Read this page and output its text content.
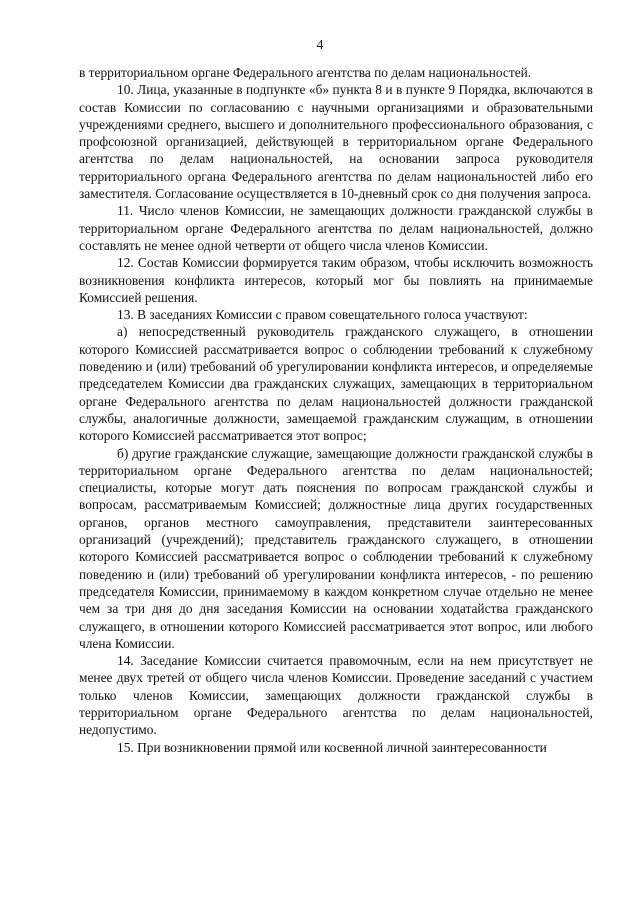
4

в территориальном органе Федерального агентства по делам национальностей.

10. Лица, указанные в подпункте «б» пункта 8 и в пункте 9 Порядка, включаются в состав Комиссии по согласованию с научными организациями и образовательными учреждениями среднего, высшего и дополнительного профессионального образования, с профсоюзной организацией, действующей в территориальном органе Федерального агентства по делам национальностей, на основании запроса руководителя территориального органа Федерального агентства по делам национальностей либо его заместителя. Согласование осуществляется в 10-дневный срок со дня получения запроса.

11. Число членов Комиссии, не замещающих должности гражданской службы в территориальном органе Федерального агентства по делам национальностей, должно составлять не менее одной четверти от общего числа членов Комиссии.

12. Состав Комиссии формируется таким образом, чтобы исключить возможность возникновения конфликта интересов, который мог бы повлиять на принимаемые Комиссией решения.

13. В заседаниях Комиссии с правом совещательного голоса участвуют:

а) непосредственный руководитель гражданского служащего, в отношении которого Комиссией рассматривается вопрос о соблюдении требований к служебному поведению и (или) требований об урегулировании конфликта интересов, и определяемые председателем Комиссии два гражданских служащих, замещающих в территориальном органе Федерального агентства по делам национальностей должности гражданской службы, аналогичные должности, замещаемой гражданским служащим, в отношении которого Комиссией рассматривается этот вопрос;

б) другие гражданские служащие, замещающие должности гражданской службы в территориальном органе Федерального агентства по делам национальностей; специалисты, которые могут дать пояснения по вопросам гражданской службы и вопросам, рассматриваемым Комиссией; должностные лица других государственных органов, органов местного самоуправления, представители заинтересованных организаций (учреждений); представитель гражданского служащего, в отношении которого Комиссией рассматривается вопрос о соблюдении требований к служебному поведению и (или) требований об урегулировании конфликта интересов, - по решению председателя Комиссии, принимаемому в каждом конкретном случае отдельно не менее чем за три дня до дня заседания Комиссии на основании ходатайства гражданского служащего, в отношении которого Комиссией рассматривается этот вопрос, или любого члена Комиссии.

14. Заседание Комиссии считается правомочным, если на нем присутствует не менее двух третей от общего числа членов Комиссии. Проведение заседаний с участием только членов Комиссии, замещающих должности гражданской службы в территориальном органе Федерального агентства по делам национальностей, недопустимо.

15. При возникновении прямой или косвенной личной заинтересованности
